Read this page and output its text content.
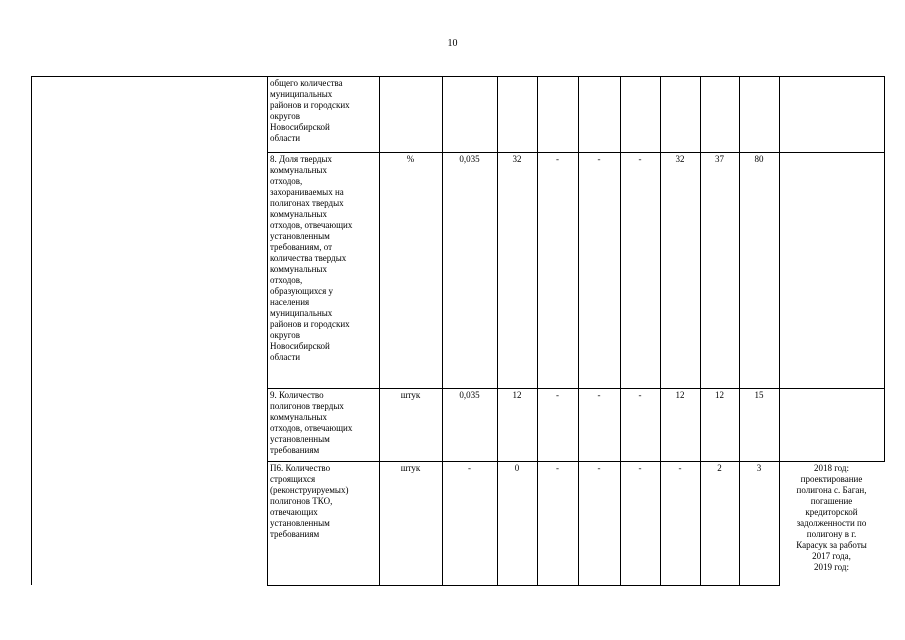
10
общего количества
муниципальных
районов и городских
округов
Новосибирской
области
8. Доля твердых
коммунальных
отходов,
захораниваемых на
полигонах твердых
коммунальных
отходов, отвечающих
установленным
требованиям, от
количества твердых
коммунальных
отходов,
образующихся у
населения
муниципальных
районов и городских
округов
Новосибирской
области
%	0,035	32	-	-	-	32	37	80
9. Количество
полигонов твердых
коммунальных
отходов, отвечающих
установленным
требованиям
штук	0,035	12	-	-	-	12	12	15
П6. Количество
строящихся
(реконструируемых)
полигонов ТКО,
отвечающих
установленным
требованиям
штук	-	0	-	-	-	-	2	3	2018 год:
проектирование
полигона с. Баган,
погашение
кредиторской
задолженности по
полигону в г.
Карасук за работы
2017 года,
2019 год:
